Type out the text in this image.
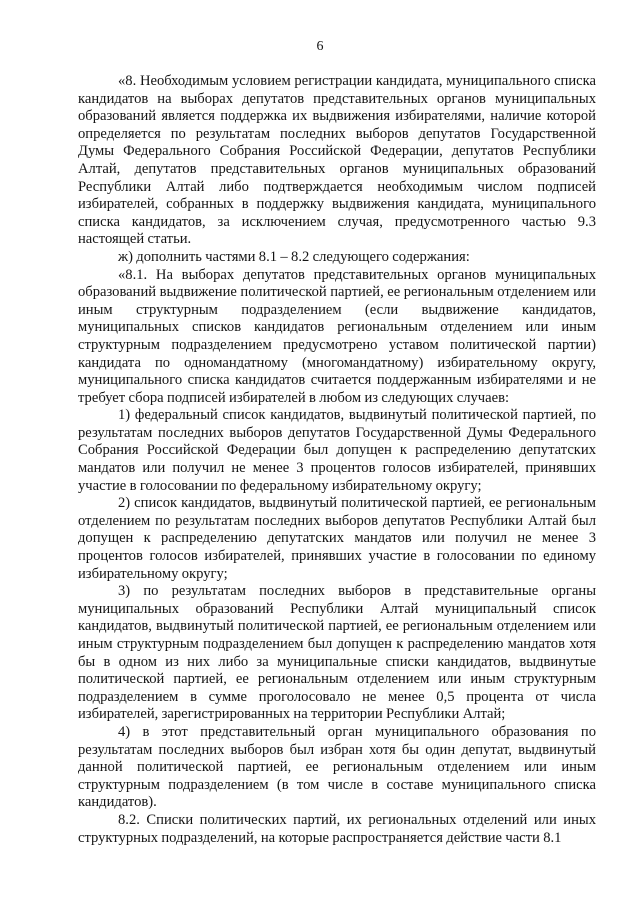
6

«8. Необходимым условием регистрации кандидата, муниципального списка кандидатов на выборах депутатов представительных органов муниципальных образований является поддержка их выдвижения избирателями, наличие которой определяется по результатам последних выборов депутатов Государственной Думы Федерального Собрания Российской Федерации, депутатов Республики Алтай, депутатов представительных органов муниципальных образований Республики Алтай либо подтверждается необходимым числом подписей избирателей, собранных в поддержку выдвижения кандидата, муниципального списка кандидатов, за исключением случая, предусмотренного частью 9.3 настоящей статьи.

ж) дополнить частями 8.1 – 8.2 следующего содержания:

«8.1. На выборах депутатов представительных органов муниципальных образований выдвижение политической партией, ее региональным отделением или иным структурным подразделением (если выдвижение кандидатов, муниципальных списков кандидатов региональным отделением или иным структурным подразделением предусмотрено уставом политической партии) кандидата по одномандатному (многомандатному) избирательному округу, муниципального списка кандидатов считается поддержанным избирателями и не требует сбора подписей избирателей в любом из следующих случаев:

1) федеральный список кандидатов, выдвинутый политической партией, по результатам последних выборов депутатов Государственной Думы Федерального Собрания Российской Федерации был допущен к распределению депутатских мандатов или получил не менее 3 процентов голосов избирателей, принявших участие в голосовании по федеральному избирательному округу;

2) список кандидатов, выдвинутый политической партией, ее региональным отделением по результатам последних выборов депутатов Республики Алтай был допущен к распределению депутатских мандатов или получил не менее 3 процентов голосов избирателей, принявших участие в голосовании по единому избирательному округу;

3) по результатам последних выборов в представительные органы муниципальных образований Республики Алтай муниципальный список кандидатов, выдвинутый политической партией, ее региональным отделением или иным структурным подразделением был допущен к распределению мандатов хотя бы в одном из них либо за муниципальные списки кандидатов, выдвинутые политической партией, ее региональным отделением или иным структурным подразделением в сумме проголосовало не менее 0,5 процента от числа избирателей, зарегистрированных на территории Республики Алтай;

4) в этот представительный орган муниципального образования по результатам последних выборов был избран хотя бы один депутат, выдвинутый данной политической партией, ее региональным отделением или иным структурным подразделением (в том числе в составе муниципального списка кандидатов).

8.2. Списки политических партий, их региональных отделений или иных структурных подразделений, на которые распространяется действие части 8.1
